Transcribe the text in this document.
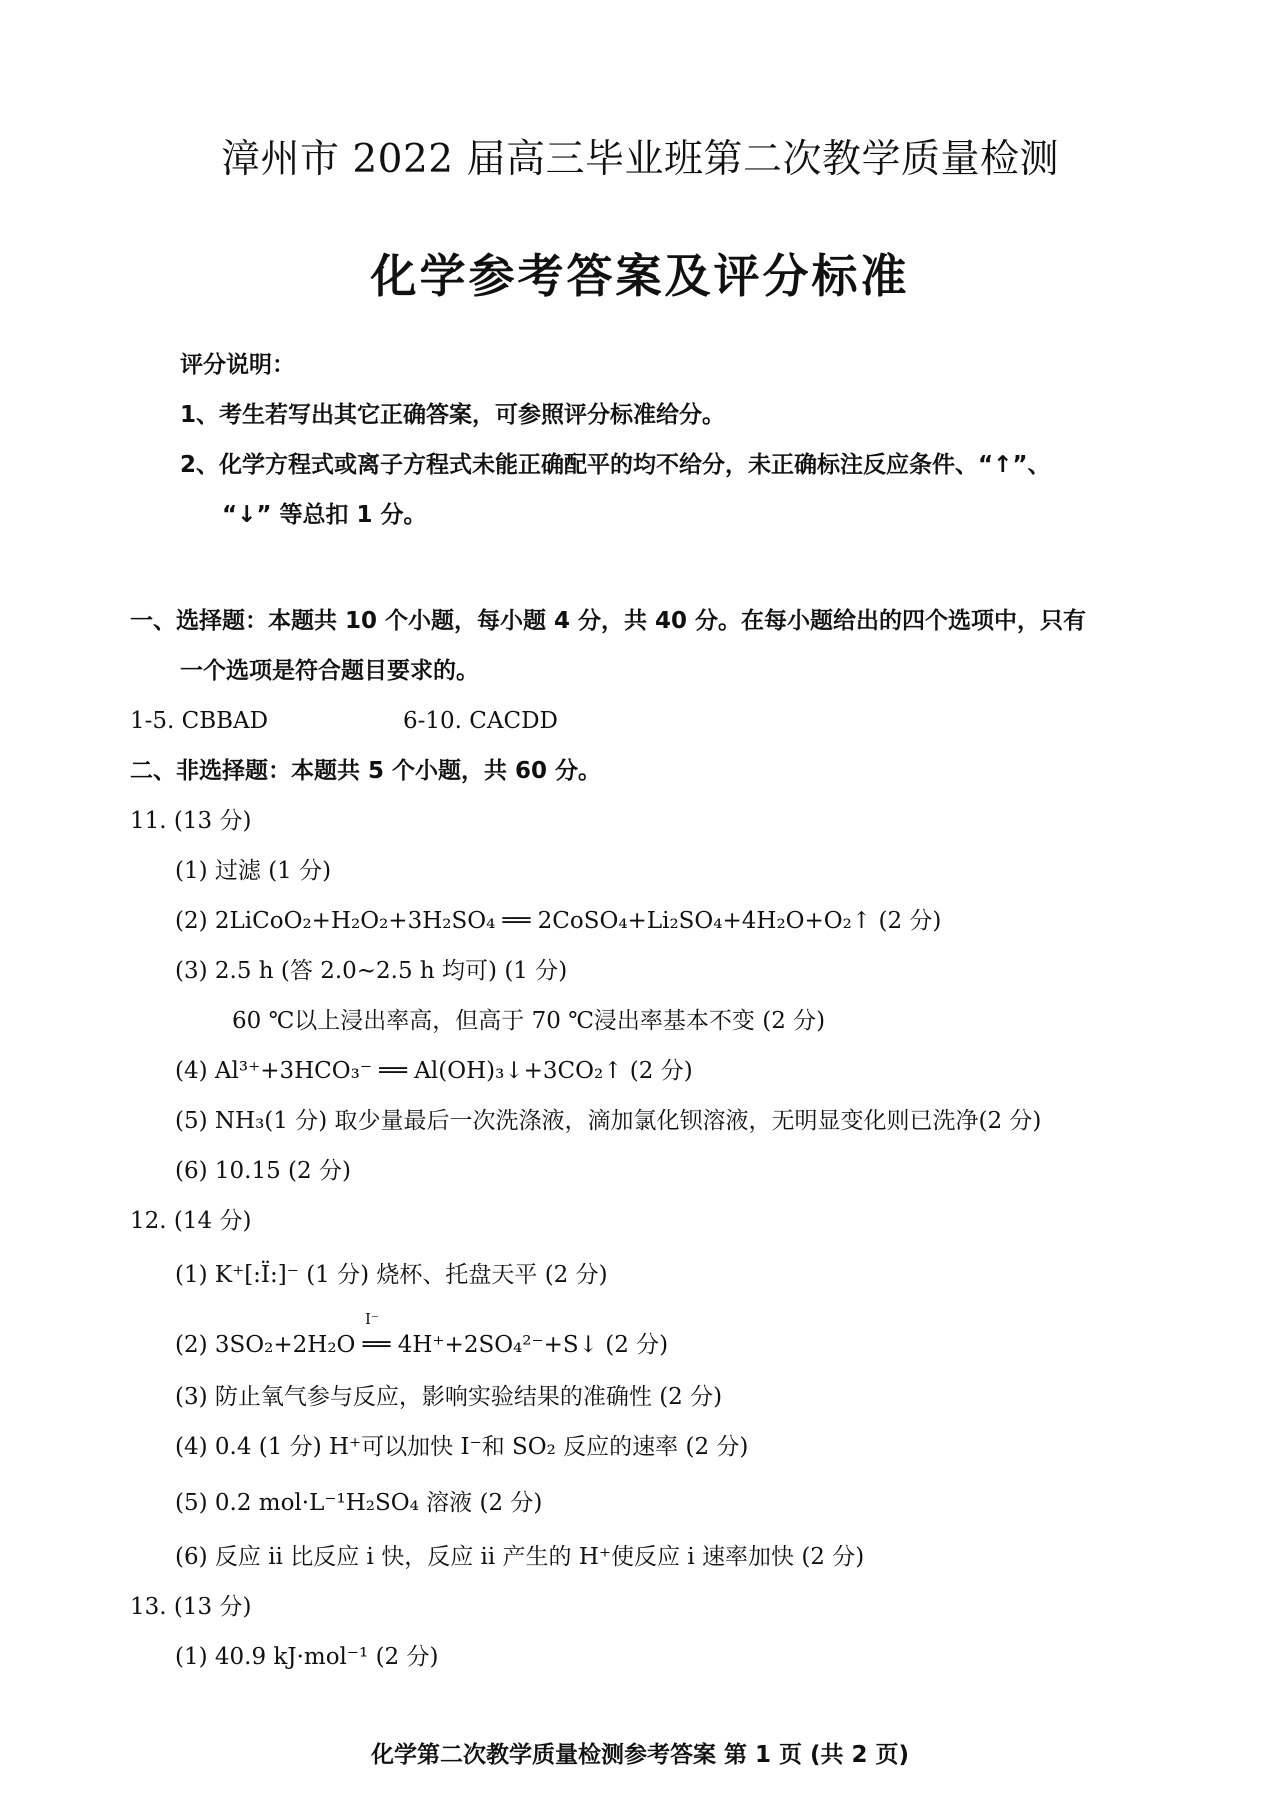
漳州市 2022 届高三毕业班第二次教学质量检测
化学参考答案及评分标准
评分说明：
1、考生若写出其它正确答案，可参照评分标准给分。
2、化学方程式或离子方程式未能正确配平的均不给分，未正确标注反应条件、“↑”、
“↓” 等总扣 1 分。
一、选择题：本题共 10 个小题，每小题 4 分，共 40 分。在每小题给出的四个选项中，只有
一个选项是符合题目要求的。
1-5. CBBAD	6-10. CACDD
二、非选择题：本题共 5 个小题，共 60 分。
11. (13 分)
(1) 过滤 (1 分)
(2) 2LiCoO₂+H₂O₂+3H₂SO₄ ══ 2CoSO₄+Li₂SO₄+4H₂O+O₂↑ (2 分)
(3) 2.5 h (答 2.0~2.5 h 均可) (1 分)
60 ℃以上浸出率高，但高于 70 ℃浸出率基本不变 (2 分)
(4) Al³⁺+3HCO₃⁻ ══ Al(OH)₃↓+3CO₂↑ (2 分)
(5) NH₃(1 分) 取少量最后一次洗涤液，滴加氯化钡溶液，无明显变化则已洗净(2 分)
(6) 10.15 (2 分)
12. (14 分)
(1) K⁺[:Ï:]⁻ (1 分) 烧杯、托盘天平 (2 分)
I⁻
(2) 3SO₂+2H₂O ══ 4H⁺+2SO₄²⁻+S↓ (2 分)
(3) 防止氧气参与反应，影响实验结果的准确性 (2 分)
(4) 0.4 (1 分) H⁺可以加快 I⁻和 SO₂ 反应的速率 (2 分)
(5) 0.2 mol·L⁻¹H₂SO₄ 溶液 (2 分)
(6) 反应 ii 比反应 i 快，反应 ii 产生的 H⁺使反应 i 速率加快 (2 分)
13. (13 分)
(1) 40.9 kJ·mol⁻¹ (2 分)
化学第二次教学质量检测参考答案 第 1 页 (共 2 页)
